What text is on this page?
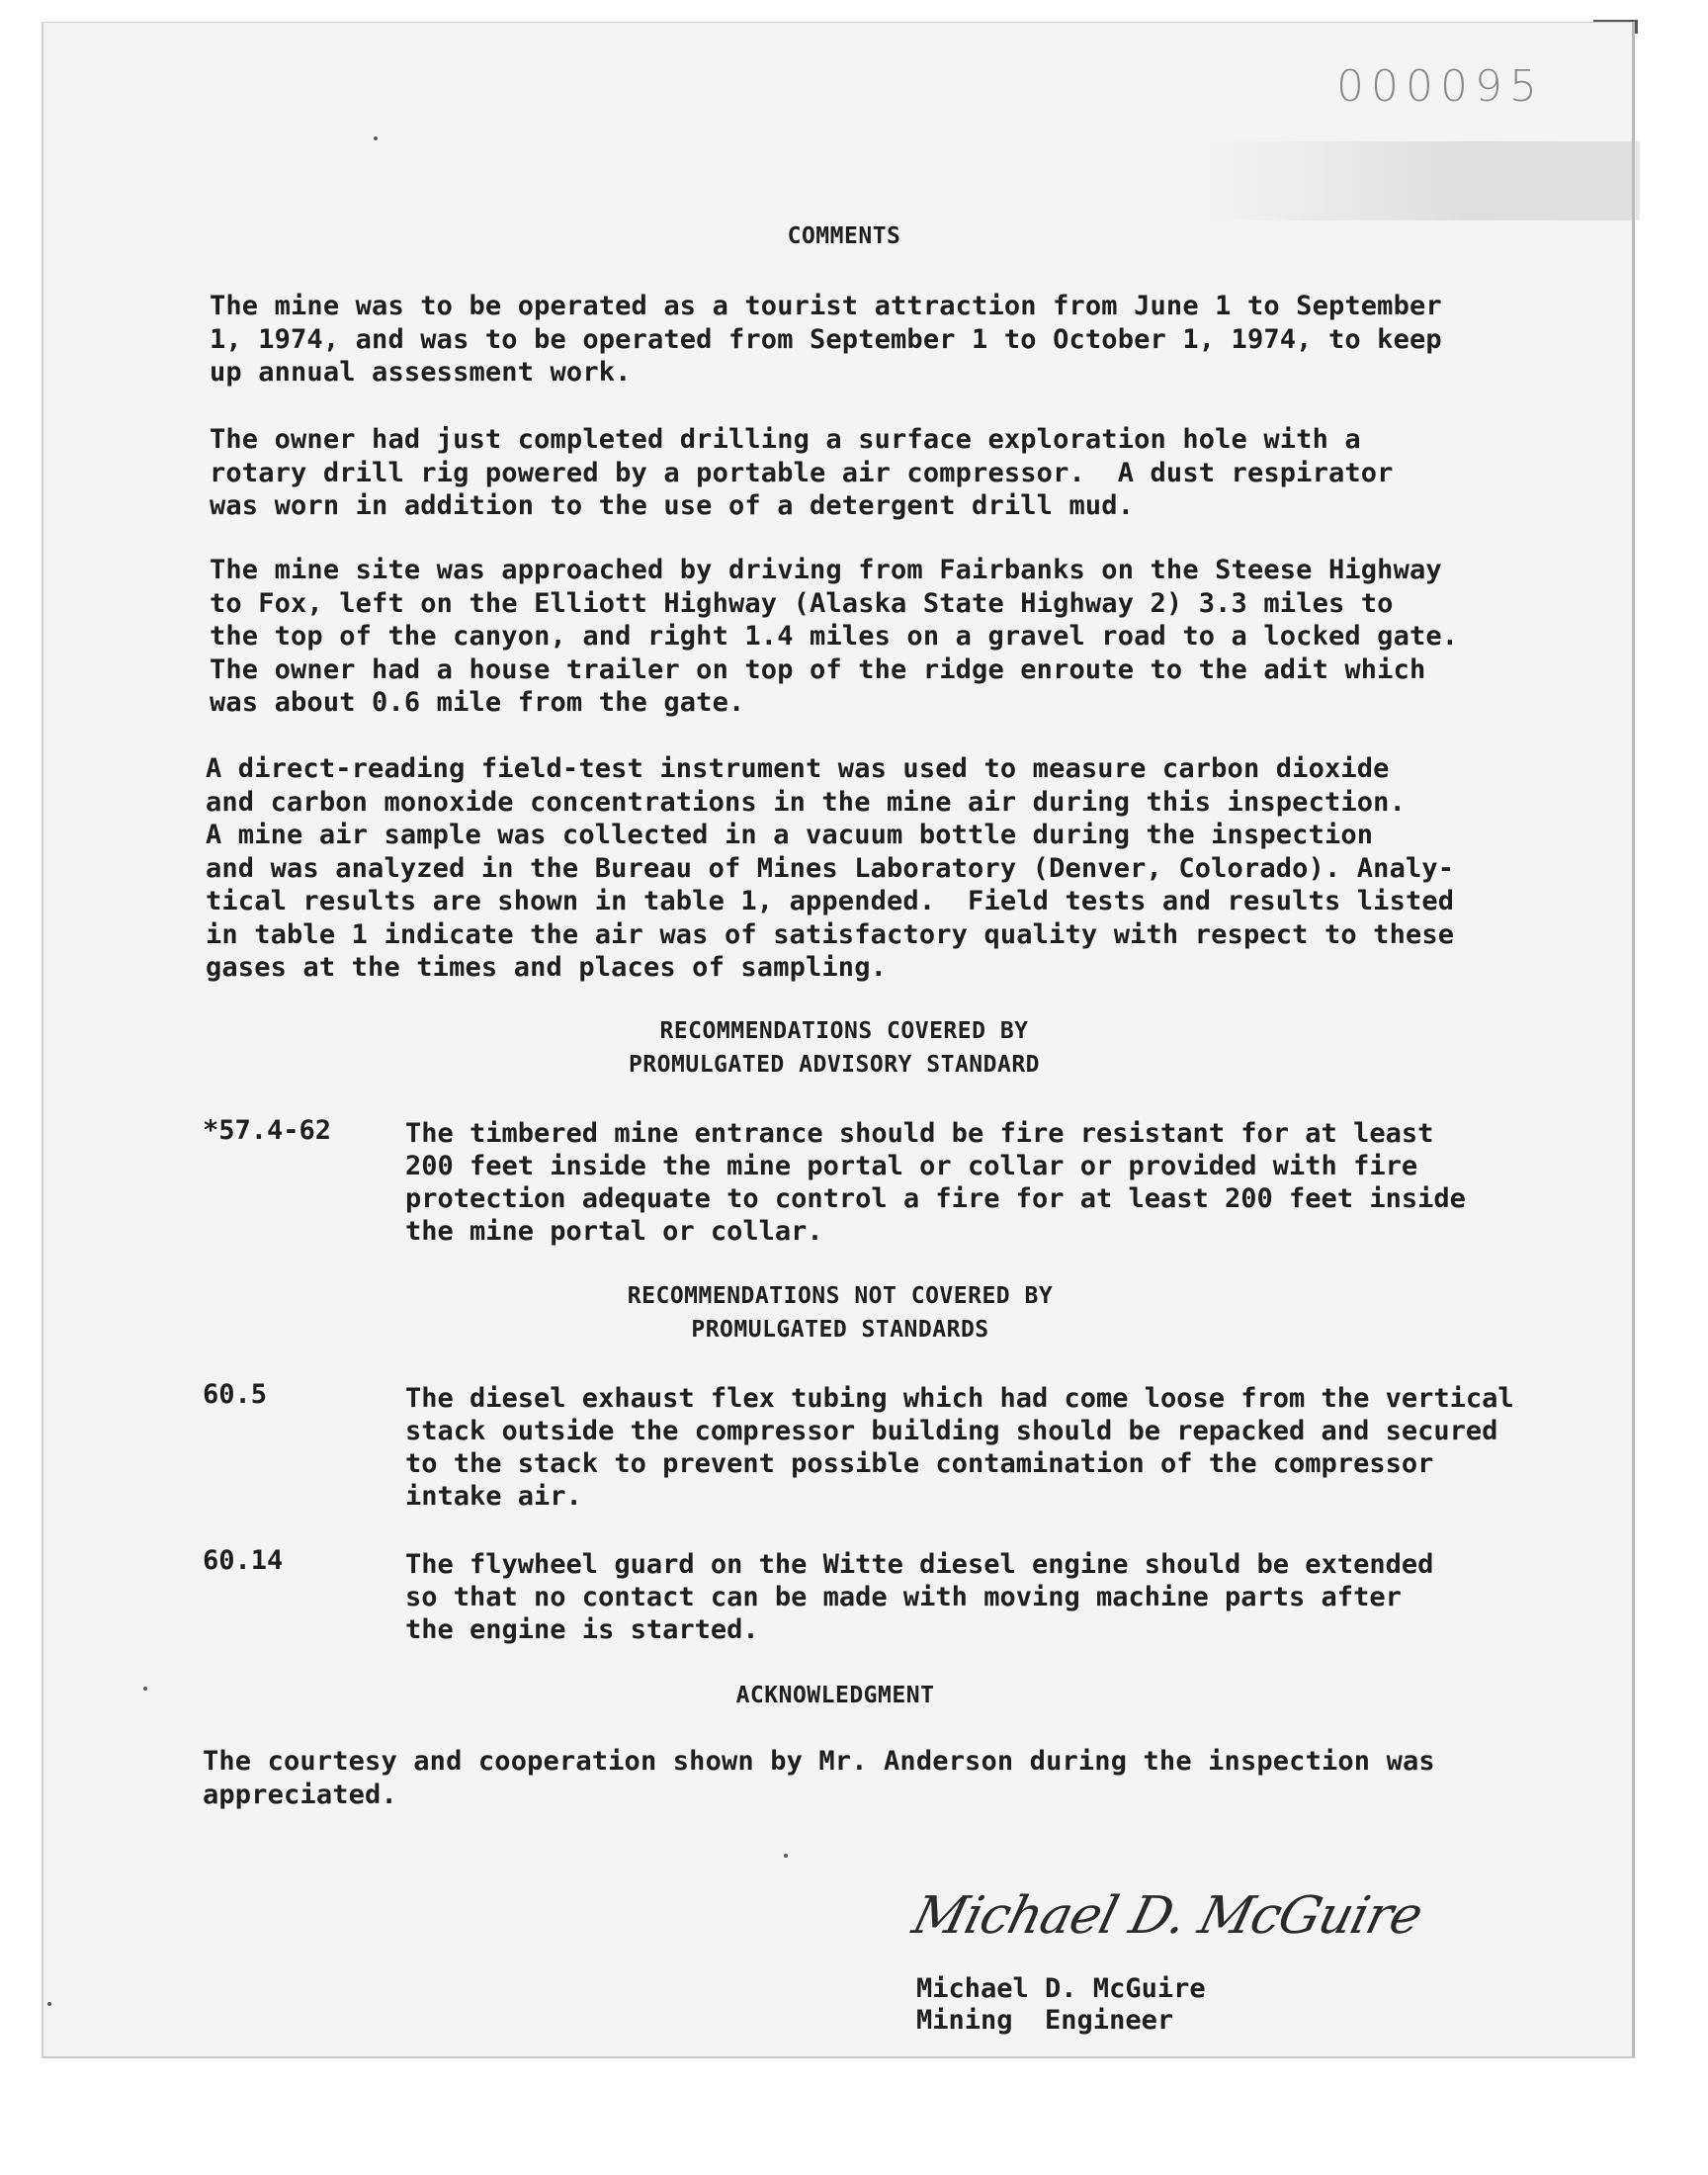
000095
COMMENTS
The mine was to be operated as a tourist attraction from June 1 to September
1, 1974, and was to be operated from September 1 to October 1, 1974, to keep
up annual assessment work.
The owner had just completed drilling a surface exploration hole with a
rotary drill rig powered by a portable air compressor.  A dust respirator
was worn in addition to the use of a detergent drill mud.
The mine site was approached by driving from Fairbanks on the Steese Highway
to Fox, left on the Elliott Highway (Alaska State Highway 2) 3.3 miles to
the top of the canyon, and right 1.4 miles on a gravel road to a locked gate.
The owner had a house trailer on top of the ridge enroute to the adit which
was about 0.6 mile from the gate.
A direct-reading field-test instrument was used to measure carbon dioxide
and carbon monoxide concentrations in the mine air during this inspection.
A mine air sample was collected in a vacuum bottle during the inspection
and was analyzed in the Bureau of Mines Laboratory (Denver, Colorado). Analy-
tical results are shown in table 1, appended.  Field tests and results listed
in table 1 indicate the air was of satisfactory quality with respect to these
gases at the times and places of sampling.
RECOMMENDATIONS COVERED BY
PROMULGATED ADVISORY STANDARD
*57.4-62	The timbered mine entrance should be fire resistant for at least
200 feet inside the mine portal or collar or provided with fire
protection adequate to control a fire for at least 200 feet inside
the mine portal or collar.
RECOMMENDATIONS NOT COVERED BY
PROMULGATED STANDARDS
60.5	The diesel exhaust flex tubing which had come loose from the vertical
stack outside the compressor building should be repacked and secured
to the stack to prevent possible contamination of the compressor
intake air.
60.14	The flywheel guard on the Witte diesel engine should be extended
so that no contact can be made with moving machine parts after
the engine is started.
ACKNOWLEDGMENT
The courtesy and cooperation shown by Mr. Anderson during the inspection was
appreciated.
Michael D. McGuire
Michael D. McGuire
Mining  Engineer
